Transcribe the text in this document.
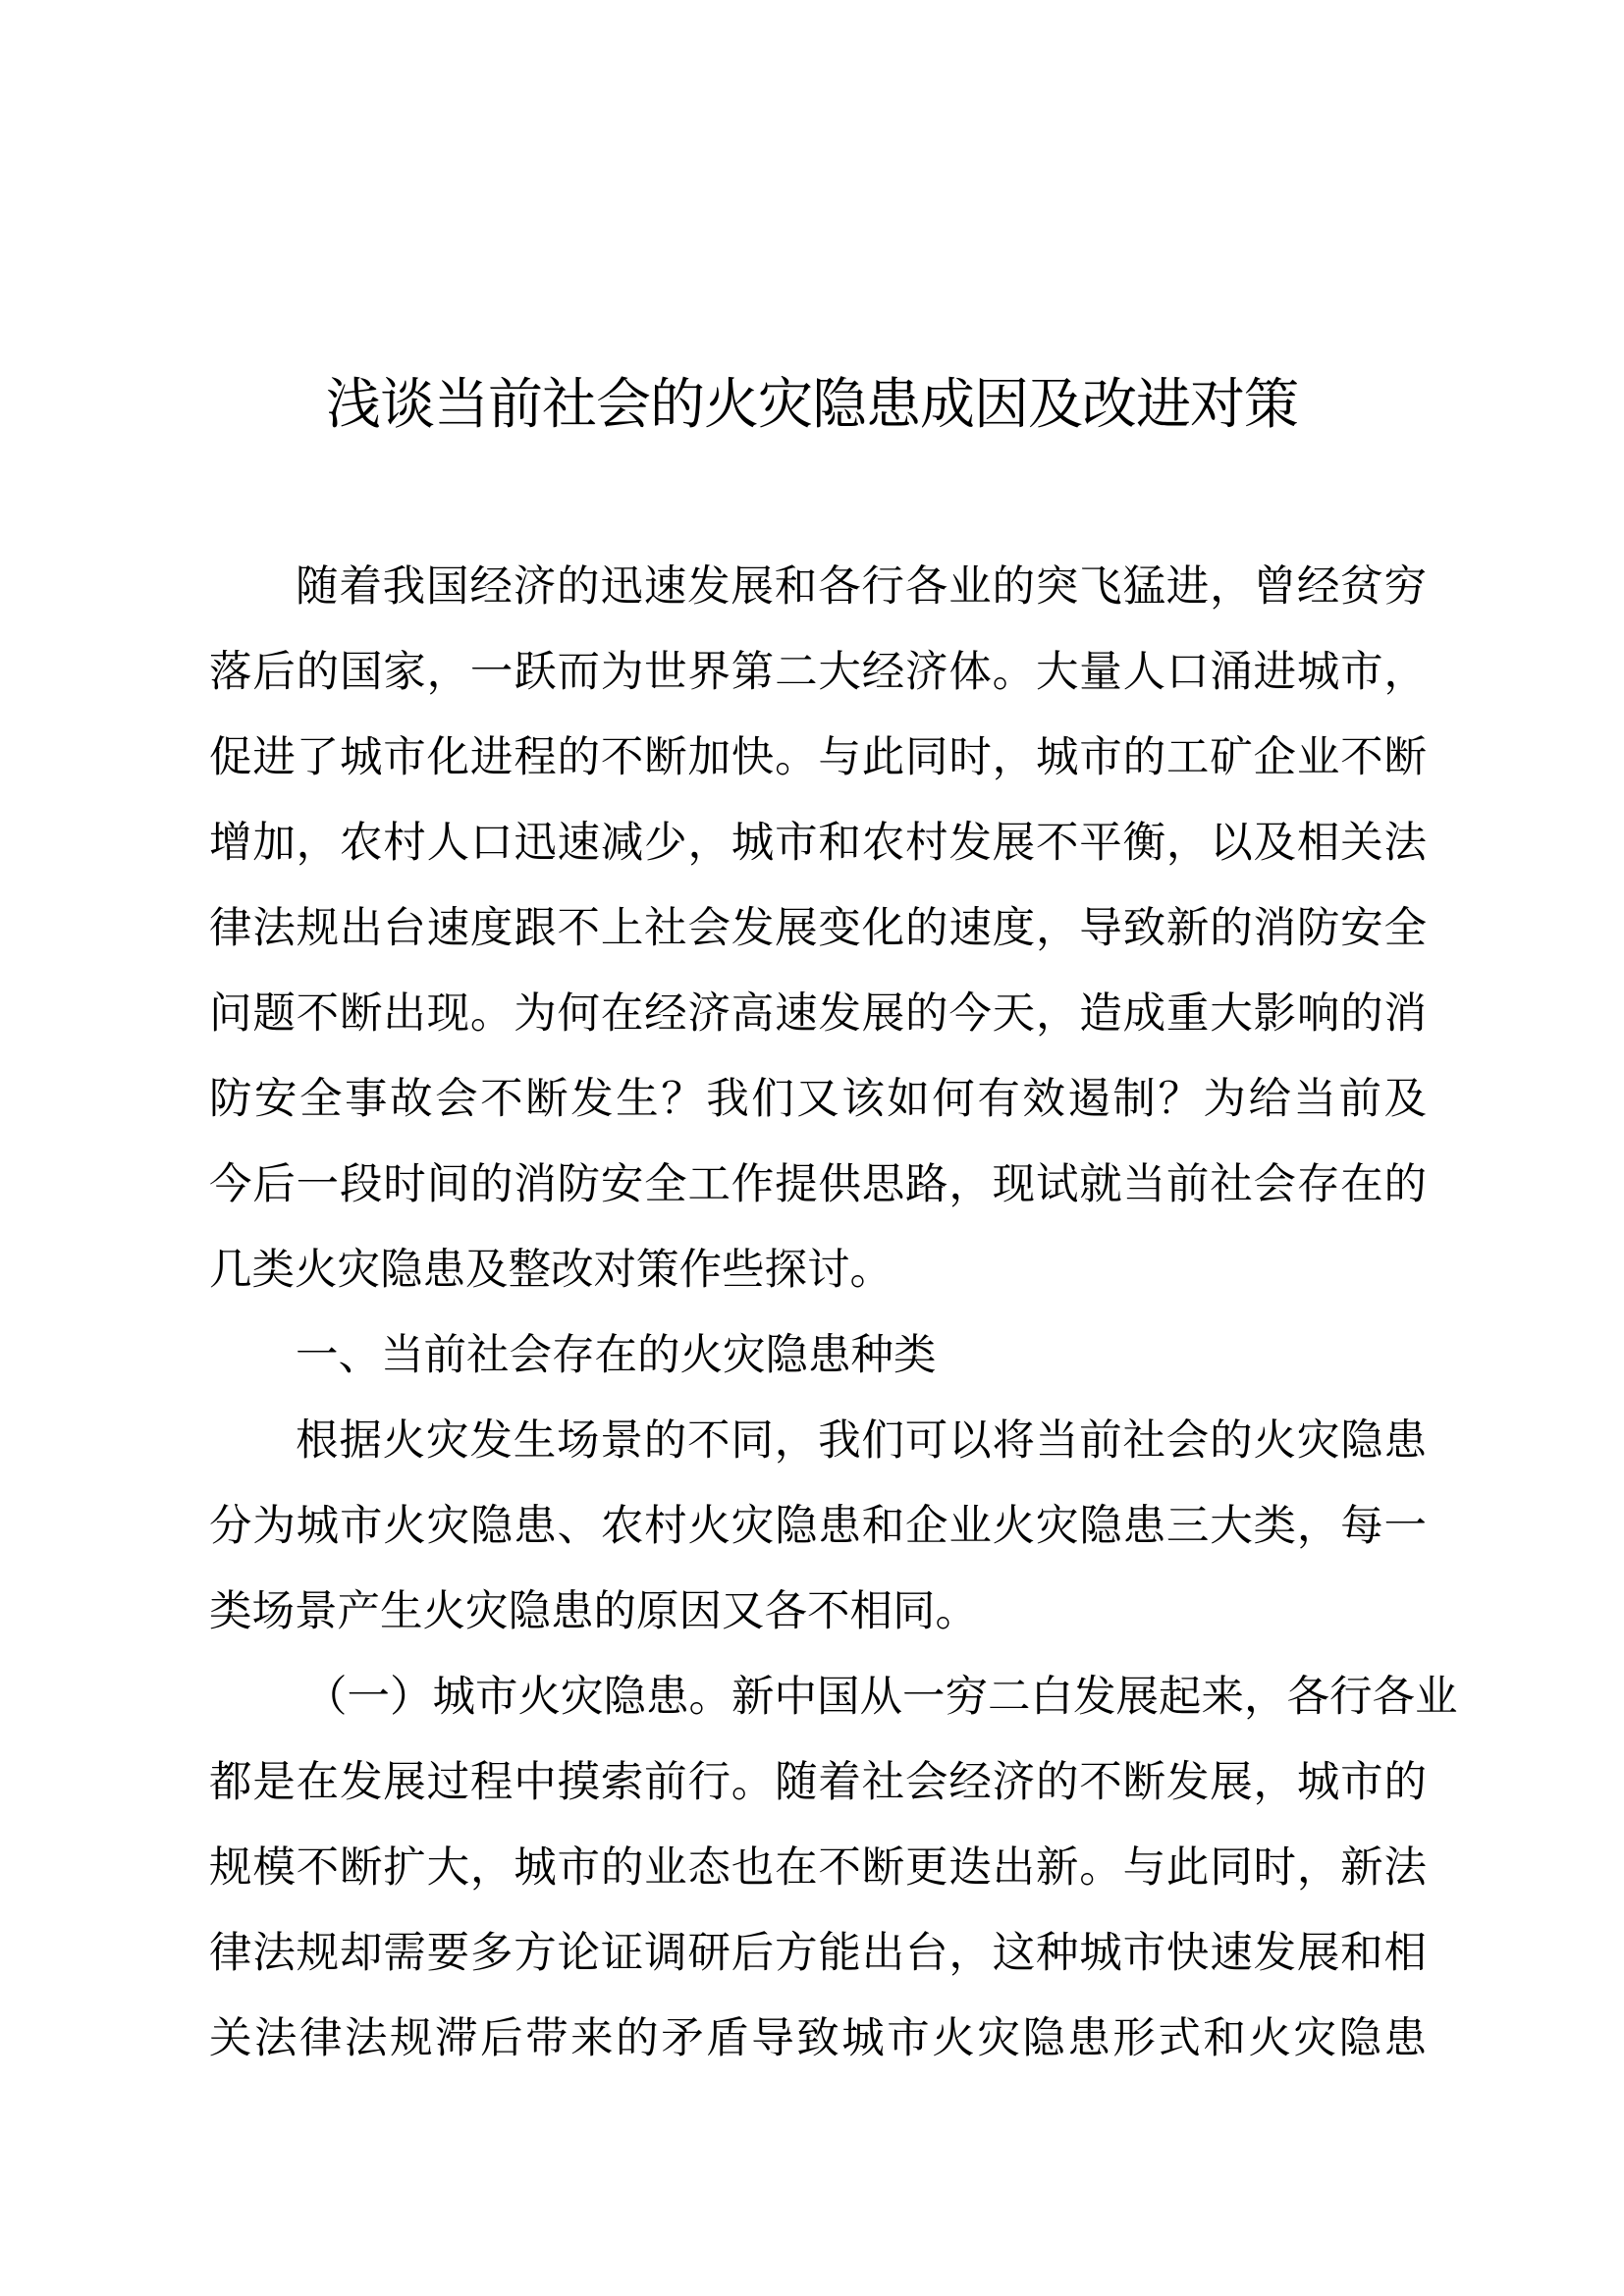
浅谈当前社会的火灾隐患成因及改进对策
随着我国经济的迅速发展和各行各业的突飞猛进，曾经贫穷
落后的国家，一跃而为世界第二大经济体。大量人口涌进城市，
促进了城市化进程的不断加快。与此同时，城市的工矿企业不断
增加，农村人口迅速减少，城市和农村发展不平衡，以及相关法
律法规出台速度跟不上社会发展变化的速度，导致新的消防安全
问题不断出现。为何在经济高速发展的今天，造成重大影响的消
防安全事故会不断发生？我们又该如何有效遏制？为给当前及
今后一段时间的消防安全工作提供思路，现试就当前社会存在的
几类火灾隐患及整改对策作些探讨。
一、当前社会存在的火灾隐患种类
根据火灾发生场景的不同，我们可以将当前社会的火灾隐患
分为城市火灾隐患、农村火灾隐患和企业火灾隐患三大类，每一
类场景产生火灾隐患的原因又各不相同。
（一）城市火灾隐患。新中国从一穷二白发展起来，各行各业
都是在发展过程中摸索前行。随着社会经济的不断发展，城市的
规模不断扩大，城市的业态也在不断更迭出新。与此同时，新法
律法规却需要多方论证调研后方能出台，这种城市快速发展和相
关法律法规滞后带来的矛盾导致城市火灾隐患形式和火灾隐患
